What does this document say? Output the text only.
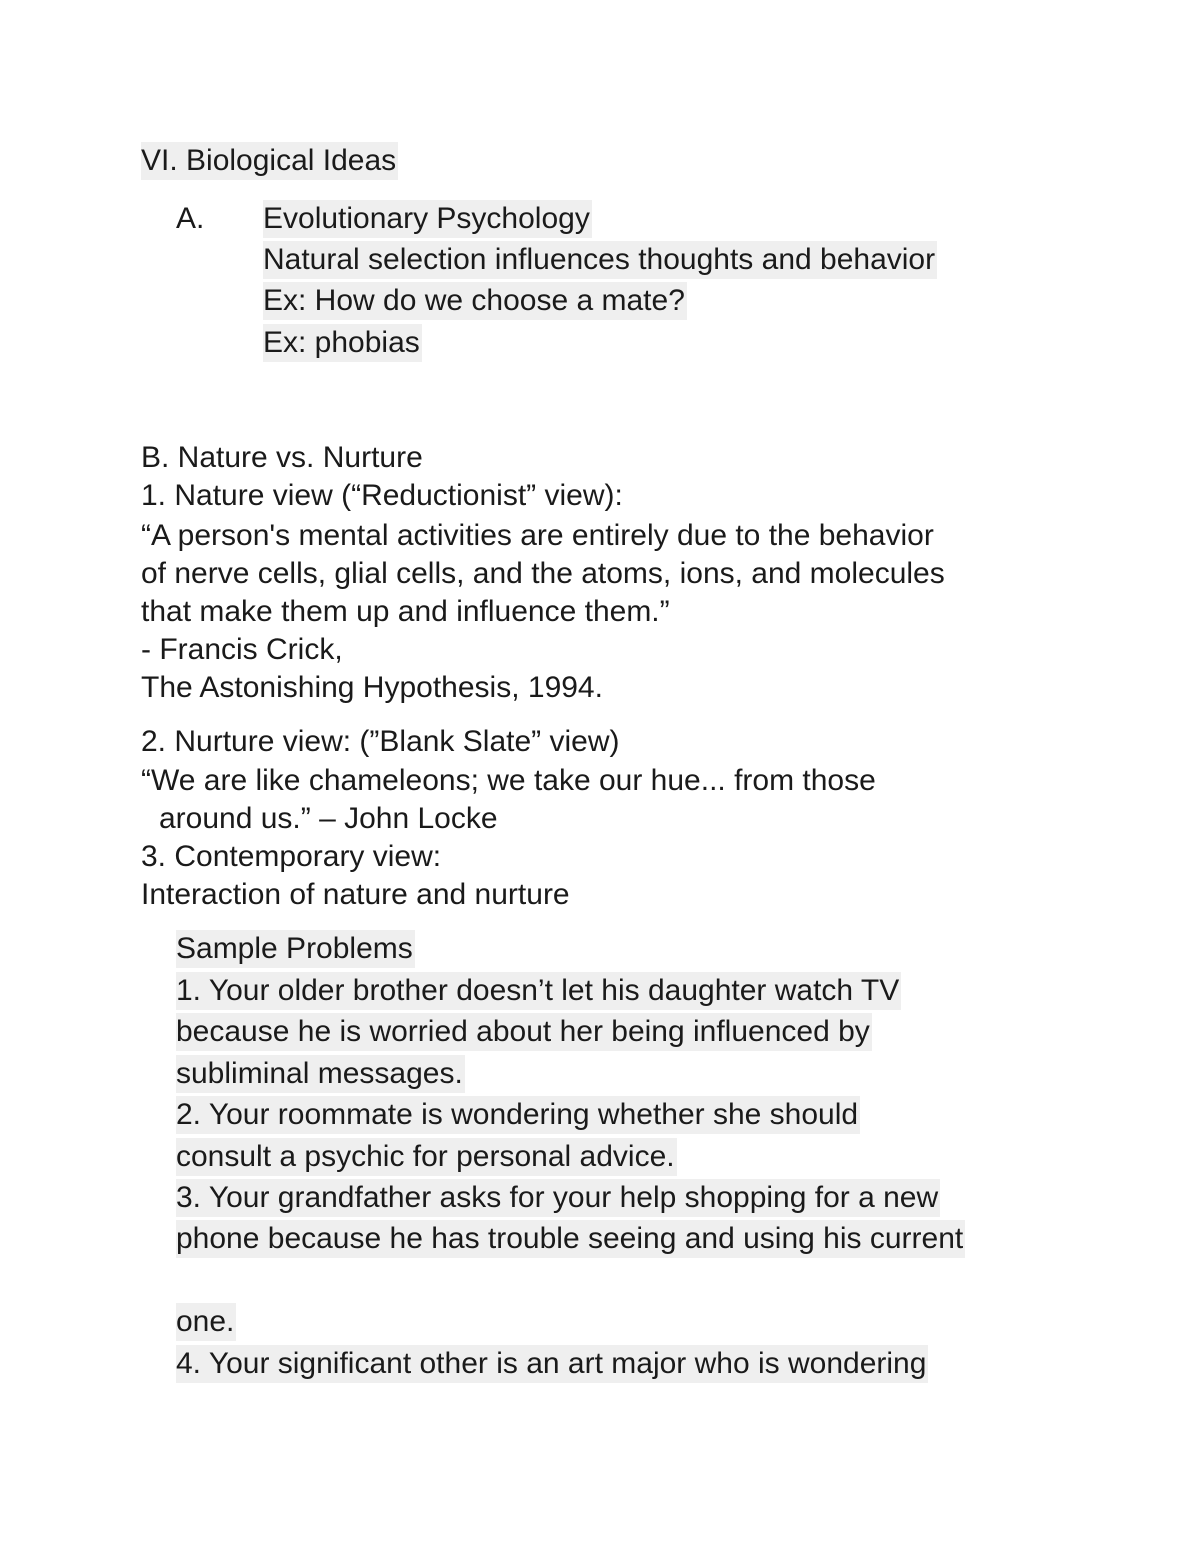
VI. Biological Ideas
A. Evolutionary Psychology
Natural selection influences thoughts and behavior
Ex: How do we choose a mate?
Ex: phobias
B. Nature vs. Nurture
1. Nature view (“Reductionist” view):
“A person's mental activities are entirely due to the behavior
of nerve cells, glial cells, and the atoms, ions, and molecules
that make them up and influence them.”
- Francis Crick,
The Astonishing Hypothesis, 1994.
2. Nurture view: (”Blank Slate” view)
“We are like chameleons; we take our hue... from those
around us.” – John Locke
3. Contemporary view:
Interaction of nature and nurture
Sample Problems
1. Your older brother doesn’t let his daughter watch TV
because he is worried about her being influenced by
subliminal messages.
2. Your roommate is wondering whether she should
consult a psychic for personal advice.
3. Your grandfather asks for your help shopping for a new
phone because he has trouble seeing and using his current
one.
4. Your significant other is an art major who is wondering
